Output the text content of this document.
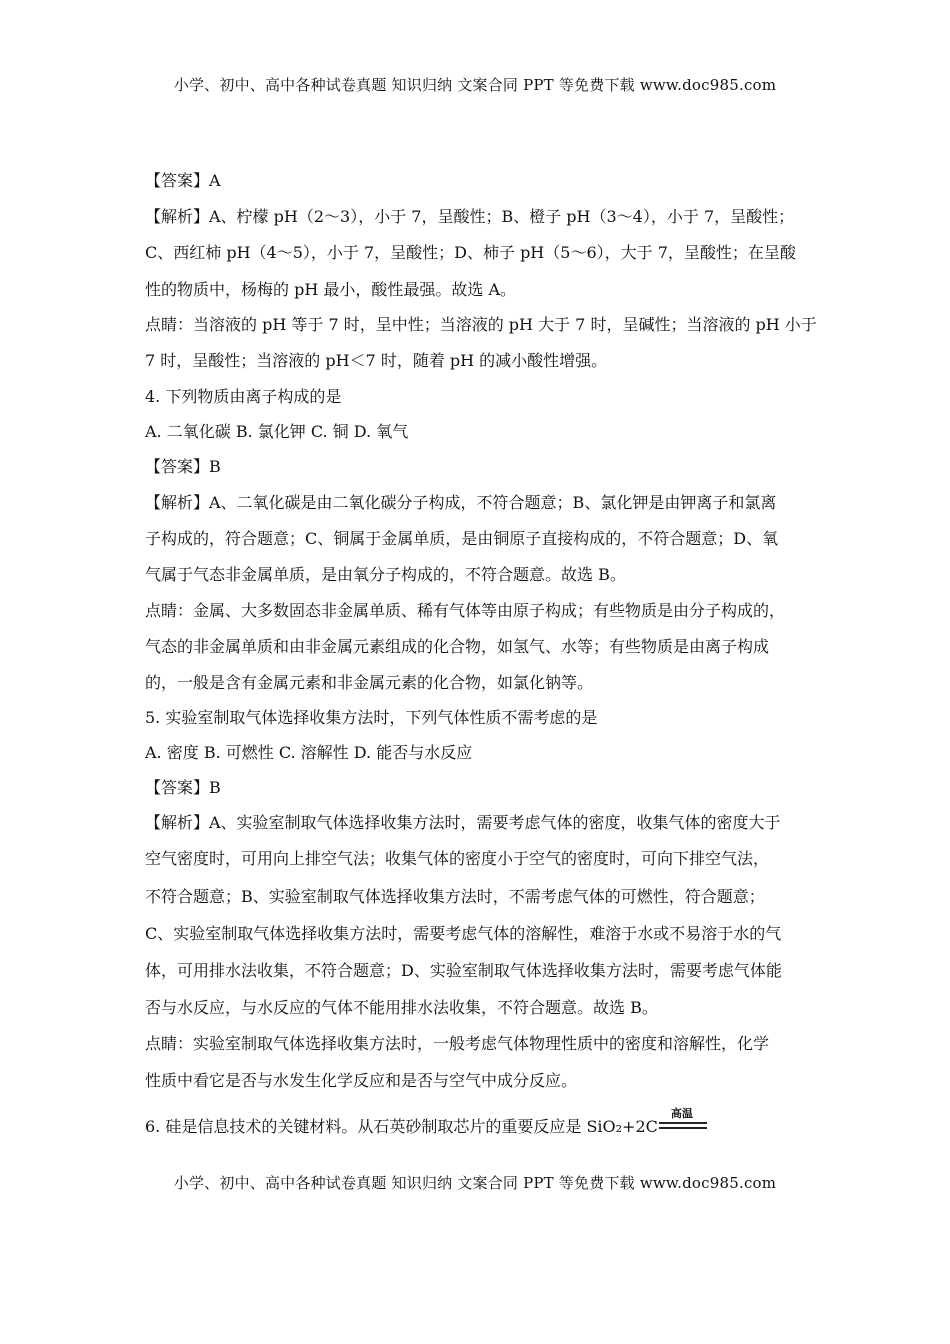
小学、初中、高中各种试卷真题 知识归纳 文案合同 PPT 等免费下载 www.doc985.com
【答案】A
【解析】A、柠檬 pH（2～3），小于 7，呈酸性；B、橙子 pH（3～4），小于 7，呈酸性；
C、西红柿 pH（4～5），小于 7，呈酸性；D、柿子 pH（5～6），大于 7，呈酸性；在呈酸
性的物质中，杨梅的 pH 最小，酸性最强。故选 A。
点睛：当溶液的 pH 等于 7 时，呈中性；当溶液的 pH 大于 7 时，呈碱性；当溶液的 pH 小于
7 时，呈酸性；当溶液的 pH＜7 时，随着 pH 的减小酸性增强。
4. 下列物质由离子构成的是
A. 二氧化碳 B. 氯化钾 C. 铜 D. 氧气
【答案】B
【解析】A、二氧化碳是由二氧化碳分子构成，不符合题意；B、氯化钾是由钾离子和氯离
子构成的，符合题意；C、铜属于金属单质，是由铜原子直接构成的，不符合题意；D、氧
气属于气态非金属单质，是由氧分子构成的，不符合题意。故选 B。
点睛：金属、大多数固态非金属单质、稀有气体等由原子构成；有些物质是由分子构成的，
气态的非金属单质和由非金属元素组成的化合物，如氢气、水等；有些物质是由离子构成
的，一般是含有金属元素和非金属元素的化合物，如氯化钠等。
5. 实验室制取气体选择收集方法时，下列气体性质不需考虑的是
A. 密度 B. 可燃性 C. 溶解性 D. 能否与水反应
【答案】B
【解析】A、实验室制取气体选择收集方法时，需要考虑气体的密度，收集气体的密度大于
空气密度时，可用向上排空气法；收集气体的密度小于空气的密度时，可向下排空气法，
不符合题意；B、实验室制取气体选择收集方法时，不需考虑气体的可燃性，符合题意；
C、实验室制取气体选择收集方法时，需要考虑气体的溶解性，难溶于水或不易溶于水的气
体，可用排水法收集，不符合题意；D、实验室制取气体选择收集方法时，需要考虑气体能
否与水反应，与水反应的气体不能用排水法收集，不符合题意。故选 B。
点睛：实验室制取气体选择收集方法时，一般考虑气体物理性质中的密度和溶解性，化学
性质中看它是否与水发生化学反应和是否与空气中成分反应。
6. 硅是信息技术的关键材料。从石英砂制取芯片的重要反应是 SiO₂+2C
高温
小学、初中、高中各种试卷真题 知识归纳 文案合同 PPT 等免费下载 www.doc985.com
